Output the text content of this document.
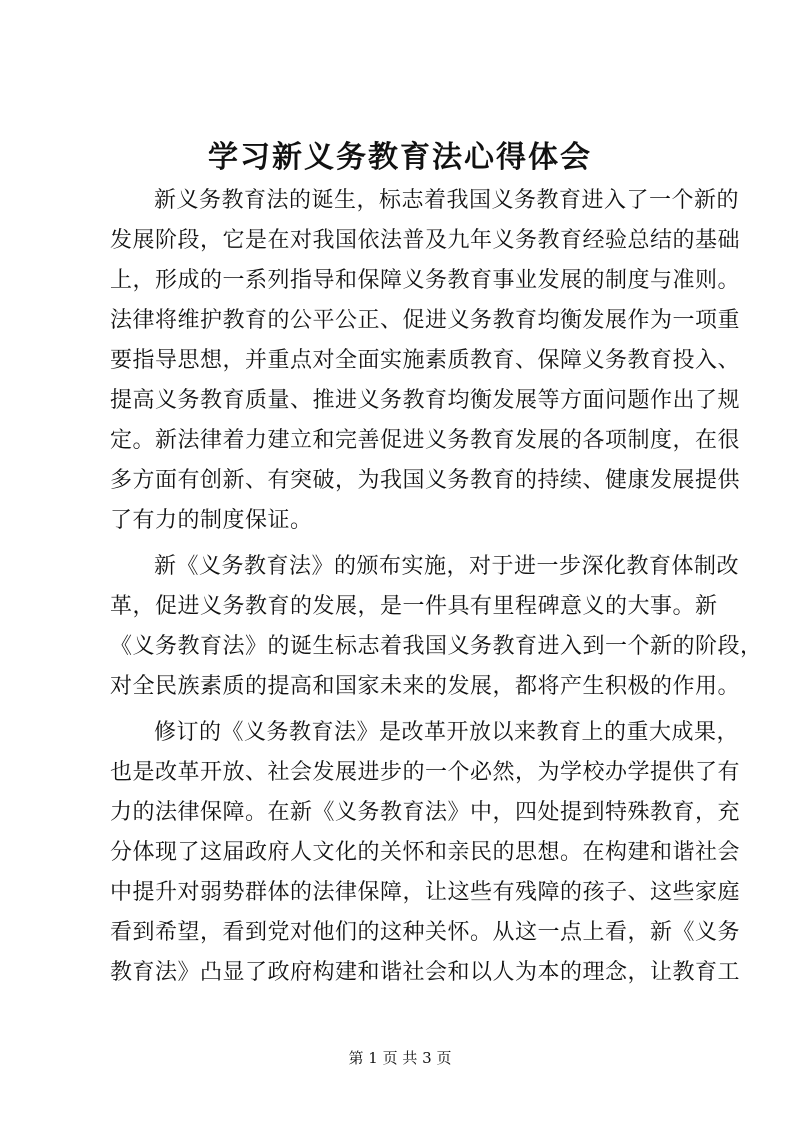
学习新义务教育法心得体会
新义务教育法的诞生，标志着我国义务教育进入了一个新的
发展阶段，它是在对我国依法普及九年义务教育经验总结的基础
上，形成的一系列指导和保障义务教育事业发展的制度与准则。
法律将维护教育的公平公正、促进义务教育均衡发展作为一项重
要指导思想，并重点对全面实施素质教育、保障义务教育投入、
提高义务教育质量、推进义务教育均衡发展等方面问题作出了规
定。新法律着力建立和完善促进义务教育发展的各项制度，在很
多方面有创新、有突破，为我国义务教育的持续、健康发展提供
了有力的制度保证。
新《义务教育法》的颁布实施，对于进一步深化教育体制改
革，促进义务教育的发展，是一件具有里程碑意义的大事。新
《义务教育法》的诞生标志着我国义务教育进入到一个新的阶段，
对全民族素质的提高和国家未来的发展，都将产生积极的作用。
修订的《义务教育法》是改革开放以来教育上的重大成果，
也是改革开放、社会发展进步的一个必然，为学校办学提供了有
力的法律保障。在新《义务教育法》中，四处提到特殊教育，充
分体现了这届政府人文化的关怀和亲民的思想。在构建和谐社会
中提升对弱势群体的法律保障，让这些有残障的孩子、这些家庭
看到希望，看到党对他们的这种关怀。从这一点上看，新《义务
教育法》凸显了政府构建和谐社会和以人为本的理念，让教育工
第 1 页 共 3 页
